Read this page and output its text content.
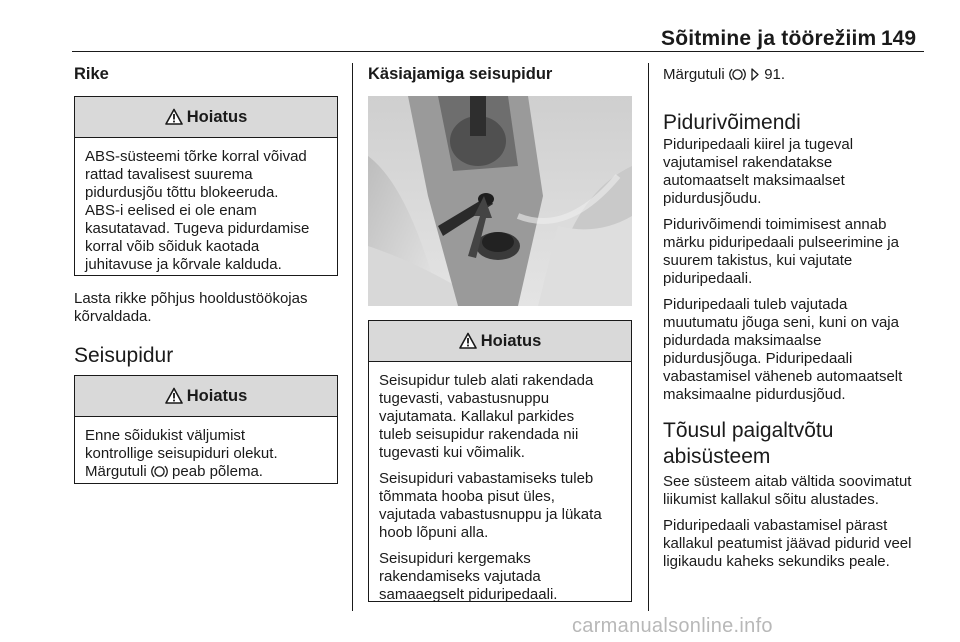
Sõitmine ja töörežiim 149
Rike
Hoiatus

ABS-süsteemi tõrke korral võivad
rattad tavalisest suurema
pidurdusjõu tõttu blokeeruda.
ABS-i eelised ei ole enam
kasutatavad. Tugeva pidurdamise
korral võib sõiduk kaotada
juhitavuse ja kõrvale kalduda.

Lasta rikke põhjus hooldustöökojas
kõrvaldada.

Seisupidur
Hoiatus

Enne sõidukist väljumist
kontrollige seisupiduri olekut.
Märgutuli peab põlema.

Käsiajamiga seisupidur
Hoiatus

Seisupidur tuleb alati rakendada
tugevasti, vabastusnuppu
vajutamata. Kallakul parkides
tuleb seisupidur rakendada nii
tugevasti kui võimalik.

Seisupiduri vabastamiseks tuleb
tõmmata hooba pisut üles,
vajutada vabastusnuppu ja lükata
hoob lõpuni alla.

Seisupiduri kergemaks
rakendamiseks vajutada
samaaegselt piduripedaali.

Märgutuli	91.

Pidurivõimendi

Piduripedaali kiirel ja tugeval
vajutamisel rakendatakse
automaatselt maksimaalset
pidurdusjõudu.

Pidurivõimendi toimimisest annab
märku piduripedaali pulseerimine ja
suurem takistus, kui vajutate
piduripedaali.

Piduripedaali tuleb vajutada
muutumatu jõuga seni, kuni on vaja
pidurdada maksimaalse
pidurdusjõuga. Piduripedaali
vabastamisel väheneb automaatselt
maksimaalne pidurdusjõud.

Tõusul paigaltvõtu
abisüsteem

See süsteem aitab vältida soovimatut
liikumist kallakul sõitu alustades.

Piduripedaali vabastamisel pärast
kallakul peatumist jäävad pidurid veel
ligikaudu kaheks sekundiks peale.

carmanualsonline.info
